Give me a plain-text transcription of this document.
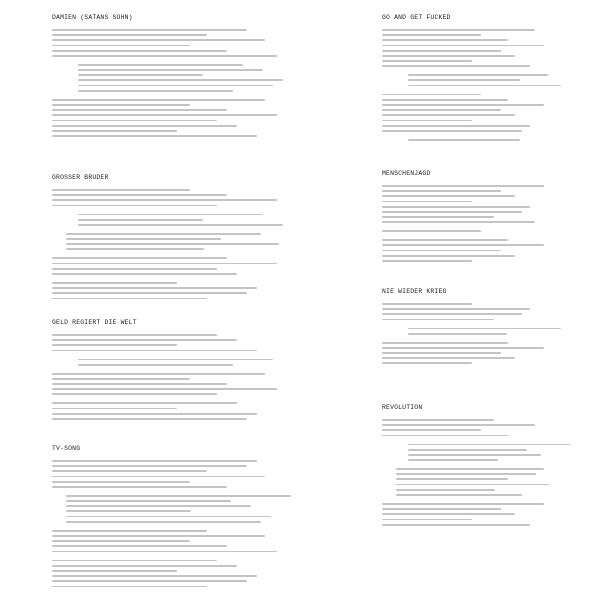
DAMIEN (SATANS SOHN)
GROSSER BRUDER
GELD REGIERT DIE WELT
TV-SONG
GO AND GET FUCKED
MENSCHENJAGD
NIE WIEDER KRIEG
REVOLUTION
